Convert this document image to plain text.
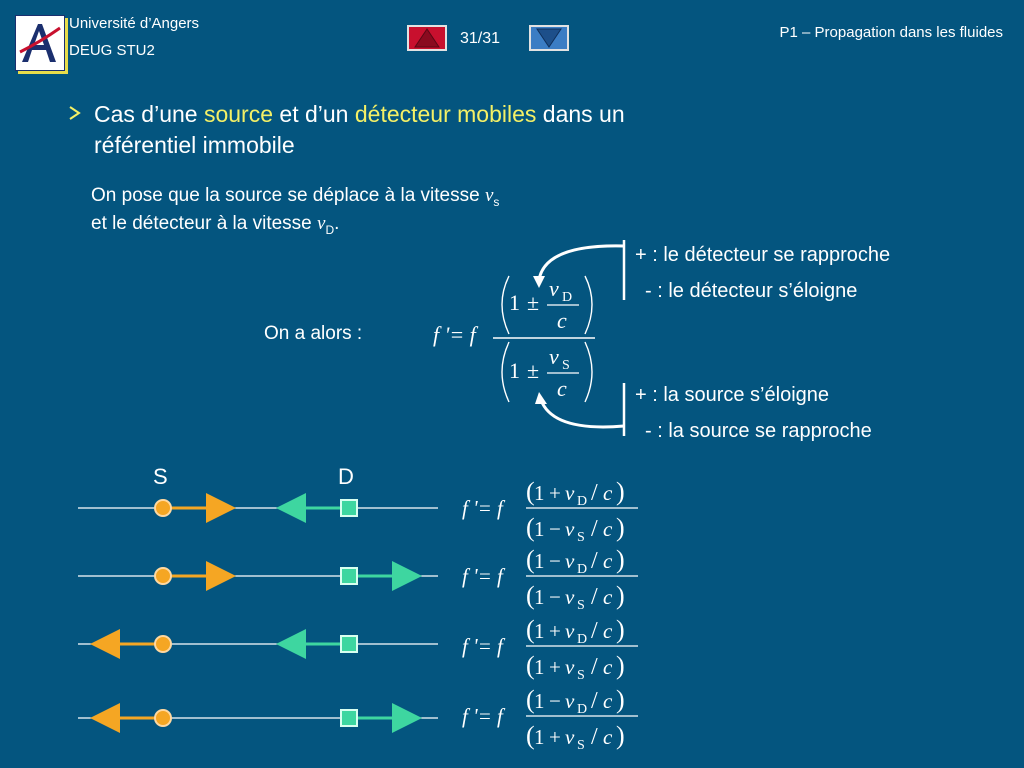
Université d’Angers
DEUG STU2
31/31	P1 – Propagation dans les fluides
Cas d’une source et d’un détecteur mobiles dans un
référentiel immobile
On pose que la source se déplace à la vitesse $v_s$
et le détecteur à la vitesse $v_D$.
On a alors :	f '= f
1 ±
v D
c
1 ±
v S
c
+ : le détecteur se rapproche
- : le détecteur s’éloigne
+ : la source s’éloigne
- : la source se rapproche
S	D
f '= f
( 1 + v D / c )
( 1 − v S / c )
f '= f
( 1 − v D / c )
( 1 − v S / c )
f '= f
( 1 + v D / c )
( 1 + v S / c )
f '= f
( 1 − v D / c )
( 1 + v S / c )
